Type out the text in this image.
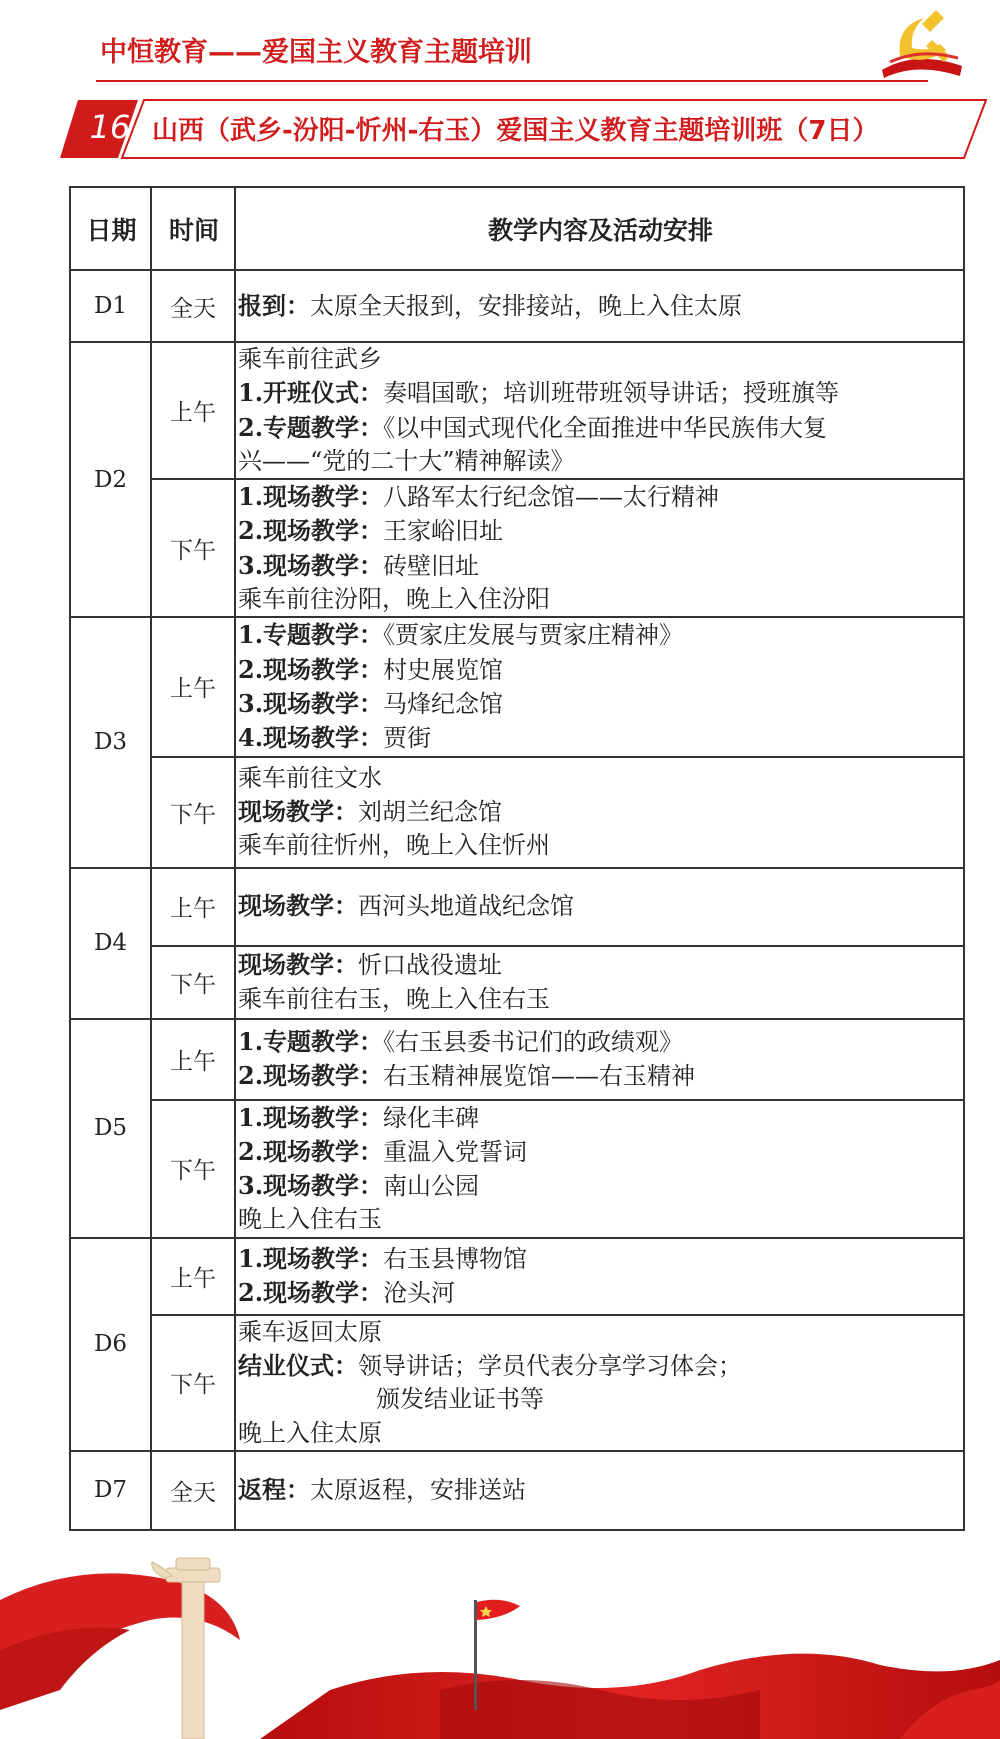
中恒教育——爱国主义教育主题培训
16 山西（武乡-汾阳-忻州-右玉）爱国主义教育主题培训班（7日）
日期	时间	教学内容及活动安排
D1	全天	报到：太原全天报到，安排接站，晚上入住太原

D2	上午	乘车前往武乡
1.开班仪式：奏唱国歌；培训班带班领导讲话；授班旗等
2.专题教学：《以中国式现代化全面推进中华民族伟大复
兴——“党的二十大”精神解读》

	下午	1.现场教学：八路军太行纪念馆——太行精神
2.现场教学：王家峪旧址
3.现场教学：砖壁旧址
乘车前往汾阳，晚上入住汾阳

D3	上午	1.专题教学：《贾家庄发展与贾家庄精神》
2.现场教学：村史展览馆
3.现场教学：马烽纪念馆
4.现场教学：贾街

	下午	乘车前往文水
现场教学：刘胡兰纪念馆
乘车前往忻州，晚上入住忻州

D4	上午	现场教学：西河头地道战纪念馆

	下午	现场教学：忻口战役遗址
乘车前往右玉，晚上入住右玉

D5	上午	1.专题教学：《右玉县委书记们的政绩观》
2.现场教学：右玉精神展览馆——右玉精神

	下午	1.现场教学：绿化丰碑
2.现场教学：重温入党誓词
3.现场教学：南山公园
晚上入住右玉

D6	上午	1.现场教学：右玉县博物馆
2.现场教学：沧头河

	下午	乘车返回太原
结业仪式：领导讲话；学员代表分享学习体会；
颁发结业证书等
晚上入住太原

D7	全天	返程：太原返程，安排送站
